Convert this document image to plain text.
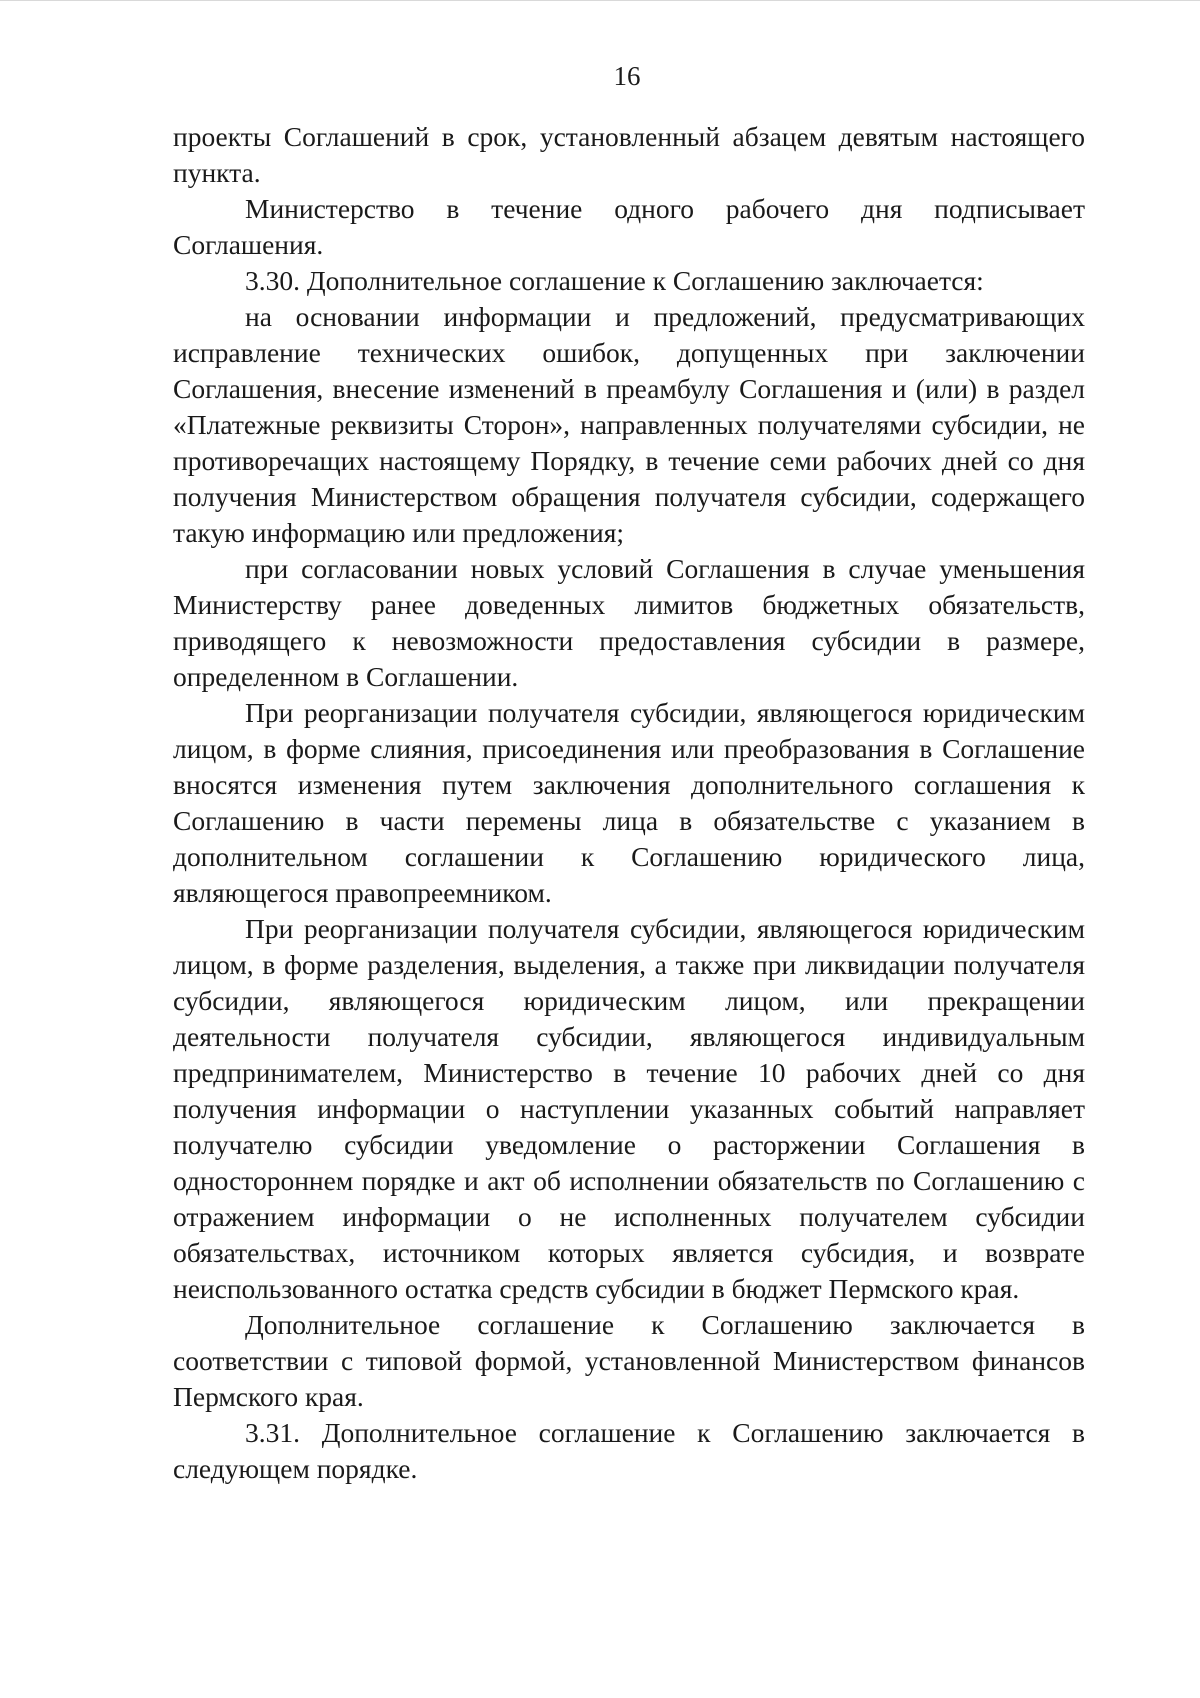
16

проекты Соглашений в срок, установленный абзацем девятым настоящего пункта.

Министерство в течение одного рабочего дня подписывает Соглашения.

3.30. Дополнительное соглашение к Соглашению заключается:

на основании информации и предложений, предусматривающих исправление технических ошибок, допущенных при заключении Соглашения, внесение изменений в преамбулу Соглашения и (или) в раздел «Платежные реквизиты Сторон», направленных получателями субсидии, не противоречащих настоящему Порядку, в течение семи рабочих дней со дня получения Министерством обращения получателя субсидии, содержащего такую информацию или предложения;

при согласовании новых условий Соглашения в случае уменьшения Министерству ранее доведенных лимитов бюджетных обязательств, приводящего к невозможности предоставления субсидии в размере, определенном в Соглашении.

При реорганизации получателя субсидии, являющегося юридическим лицом, в форме слияния, присоединения или преобразования в Соглашение вносятся изменения путем заключения дополнительного соглашения к Соглашению в части перемены лица в обязательстве с указанием в дополнительном соглашении к Соглашению юридического лица, являющегося правопреемником.

При реорганизации получателя субсидии, являющегося юридическим лицом, в форме разделения, выделения, а также при ликвидации получателя субсидии, являющегося юридическим лицом, или прекращении деятельности получателя субсидии, являющегося индивидуальным предпринимателем, Министерство в течение 10 рабочих дней со дня получения информации о наступлении указанных событий направляет получателю субсидии уведомление о расторжении Соглашения в одностороннем порядке и акт об исполнении обязательств по Соглашению с отражением информации о не исполненных получателем субсидии обязательствах, источником которых является субсидия, и возврате неиспользованного остатка средств субсидии в бюджет Пермского края.

Дополнительное соглашение к Соглашению заключается в соответствии с типовой формой, установленной Министерством финансов Пермского края.

3.31. Дополнительное соглашение к Соглашению заключается в следующем порядке.
